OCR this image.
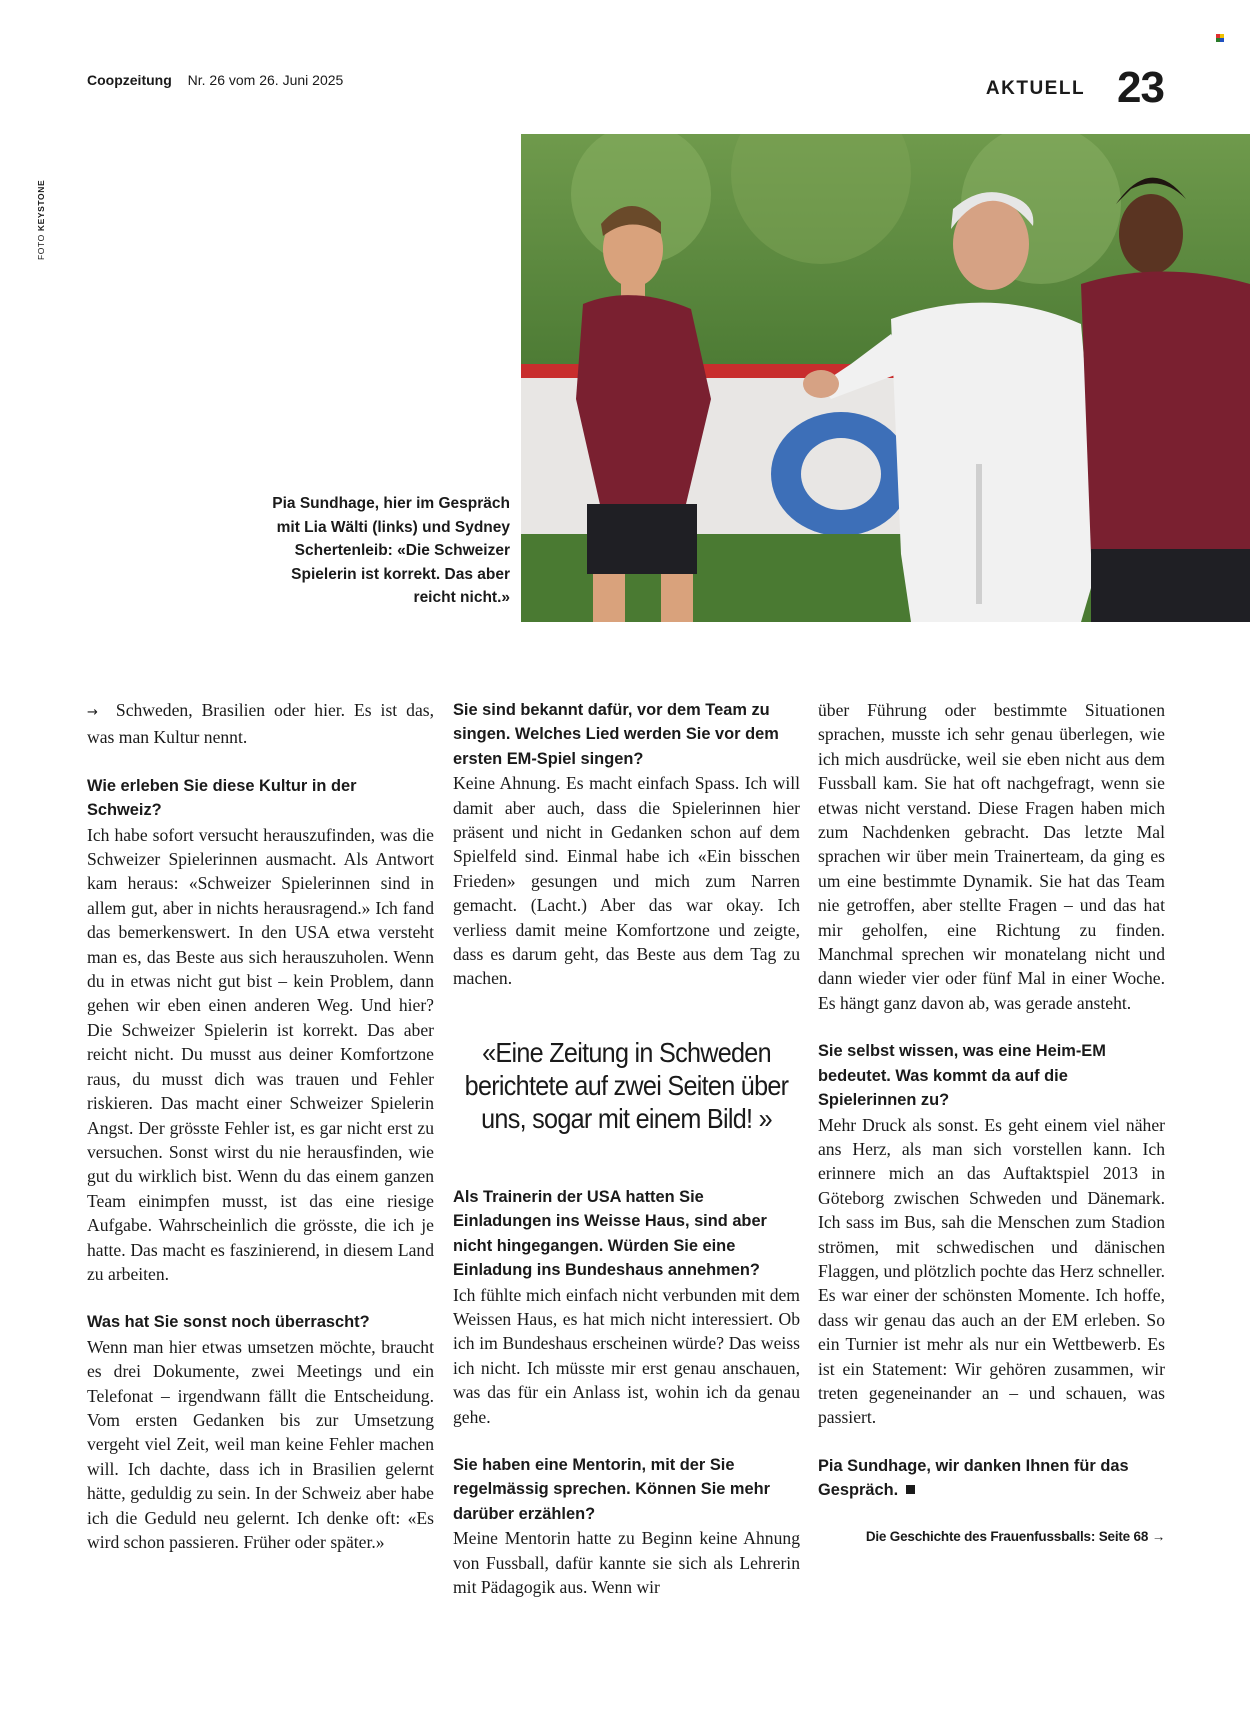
Coopzeitung Nr. 26 vom 26. Juni 2025	AKTUELL 23
FOTO KEYSTONE
Pia Sundhage, hier im Gespräch mit Lia Wälti (links) und Sydney Schertenleib: «Die Schweizer Spielerin ist korrekt. Das aber reicht nicht.»

→ Schweden, Brasilien oder hier. Es ist das, was man Kultur nennt.

Wie erleben Sie diese Kultur in der Schweiz?

Ich habe sofort versucht herauszufinden, was die Schweizer Spielerinnen ausmacht. Als Antwort kam heraus: «Schweizer Spielerinnen sind in allem gut, aber in nichts herausragend.» Ich fand das bemerkenswert. In den USA etwa versteht man es, das Beste aus sich herauszuholen. Wenn du in etwas nicht gut bist – kein Problem, dann gehen wir eben einen anderen Weg. Und hier? Die Schweizer Spielerin ist korrekt. Das aber reicht nicht. Du musst aus deiner Komfortzone raus, du musst dich was trauen und Fehler riskieren. Das macht einer Schweizer Spielerin Angst. Der grösste Fehler ist, es gar nicht erst zu versuchen. Sonst wirst du nie herausfinden, wie gut du wirklich bist. Wenn du das einem ganzen Team einimpfen musst, ist das eine riesige Aufgabe. Wahrscheinlich die grösste, die ich je hatte. Das macht es faszinierend, in diesem Land zu arbeiten.

Was hat Sie sonst noch überrascht?

Wenn man hier etwas umsetzen möchte, braucht es drei Dokumente, zwei Meetings und ein Telefonat – irgendwann fällt die Entscheidung. Vom ersten Gedanken bis zur Umsetzung vergeht viel Zeit, weil man keine Fehler machen will. Ich dachte, dass ich in Brasilien gelernt hätte, geduldig zu sein. In der Schweiz aber habe ich die Geduld neu gelernt. Ich denke oft: «Es wird schon passieren. Früher oder später.»

Sie sind bekannt dafür, vor dem Team zu singen. Welches Lied werden Sie vor dem ersten EM-Spiel singen?

Keine Ahnung. Es macht einfach Spass. Ich will damit aber auch, dass die Spielerinnen hier präsent und nicht in Gedanken schon auf dem Spielfeld sind. Einmal habe ich «Ein bisschen Frieden» gesungen und mich zum Narren gemacht. (Lacht.) Aber das war okay. Ich verliess damit meine Komfortzone und zeigte, dass es darum geht, das Beste aus dem Tag zu machen.

«Eine Zeitung in Schweden berichtete auf zwei Seiten über uns, sogar mit einem Bild! »
Als Trainerin der USA hatten Sie Einladungen ins Weisse Haus, sind aber nicht hingegangen. Würden Sie eine Einladung ins Bundeshaus annehmen?

Ich fühlte mich einfach nicht verbunden mit dem Weissen Haus, es hat mich nicht interessiert. Ob ich im Bundeshaus erscheinen würde? Das weiss ich nicht. Ich müsste mir erst genau anschauen, was das für ein Anlass ist, wohin ich da genau gehe.

Sie haben eine Mentorin, mit der Sie regelmässig sprechen. Können Sie mehr darüber erzählen?

Meine Mentorin hatte zu Beginn keine Ahnung von Fussball, dafür kannte sie sich als Lehrerin mit Pädagogik aus. Wenn wir

über Führung oder bestimmte Situationen sprachen, musste ich sehr genau überlegen, wie ich mich ausdrücke, weil sie eben nicht aus dem Fussball kam. Sie hat oft nachgefragt, wenn sie etwas nicht verstand. Diese Fragen haben mich zum Nachdenken gebracht. Das letzte Mal sprachen wir über mein Trainerteam, da ging es um eine bestimmte Dynamik. Sie hat das Team nie getroffen, aber stellte Fragen – und das hat mir geholfen, eine Richtung zu finden. Manchmal sprechen wir monatelang nicht und dann wieder vier oder fünf Mal in einer Woche. Es hängt ganz davon ab, was gerade ansteht.

Sie selbst wissen, was eine Heim-EM bedeutet. Was kommt da auf die Spielerinnen zu?

Mehr Druck als sonst. Es geht einem viel näher ans Herz, als man sich vorstellen kann. Ich erinnere mich an das Auftaktspiel 2013 in Göteborg zwischen Schweden und Dänemark. Ich sass im Bus, sah die Menschen zum Stadion strömen, mit schwedischen und dänischen Flaggen, und plötzlich pochte das Herz schneller. Es war einer der schönsten Momente. Ich hoffe, dass wir genau das auch an der EM erleben. So ein Turnier ist mehr als nur ein Wettbewerb. Es ist ein Statement: Wir gehören zusammen, wir treten gegeneinander an – und schauen, was passiert.

Pia Sundhage, wir danken Ihnen für das Gespräch.
Die Geschichte des Frauenfussballs: Seite 68 →
